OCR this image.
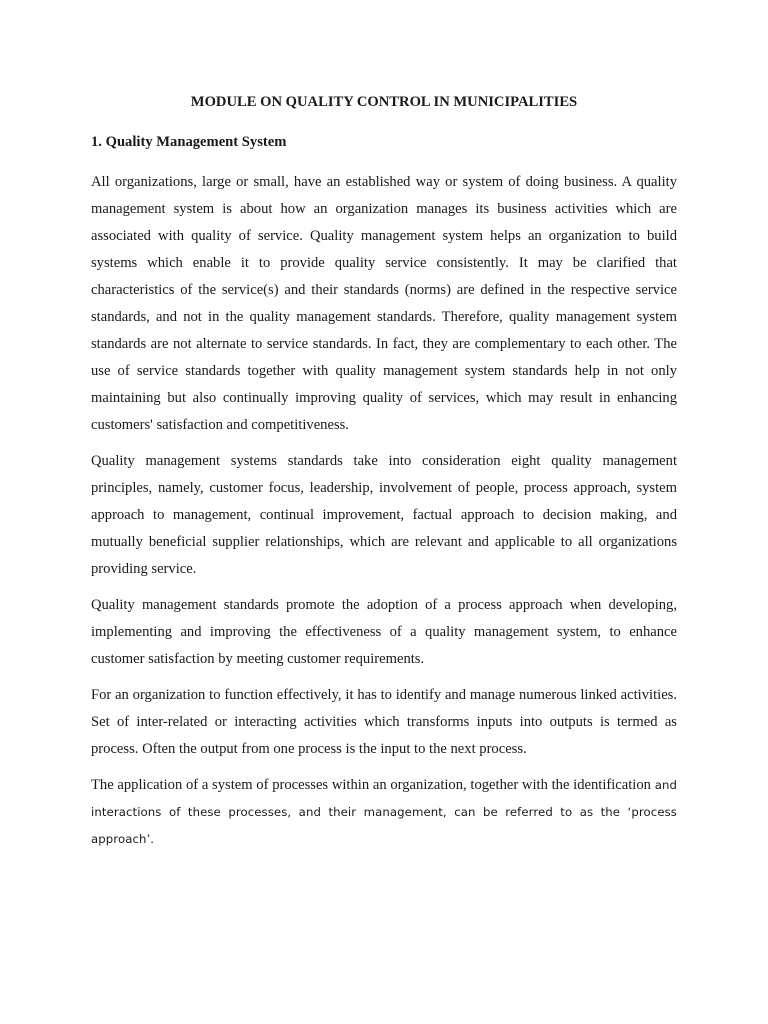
MODULE ON QUALITY CONTROL IN MUNICIPALITIES
1. Quality Management System

All organizations, large or small, have an established way or system of doing business. A quality management system is about how an organization manages its business activities which are associated with quality of service. Quality management system helps an organization to build systems which enable it to provide quality service consistently. It may be clarified that characteristics of the service(s) and their standards (norms) are defined in the respective service standards, and not in the quality management standards. Therefore, quality management system standards are not alternate to service standards. In fact, they are complementary to each other. The use of service standards together with quality management system standards help in not only maintaining but also continually improving quality of services, which may result in enhancing customers' satisfaction and competitiveness.

Quality management systems standards take into consideration eight quality management principles, namely, customer focus, leadership, involvement of people, process approach, system approach to management, continual improvement, factual approach to decision making, and mutually beneficial supplier relationships, which are relevant and applicable to all organizations providing service.

Quality management standards promote the adoption of a process approach when developing, implementing and improving the effectiveness of a quality management system, to enhance customer satisfaction by meeting customer requirements.

For an organization to function effectively, it has to identify and manage numerous linked activities. Set of inter-related or interacting activities which transforms inputs into outputs is termed as process. Often the output from one process is the input to the next process.

The application of a system of processes within an organization, together with the identification and interactions of these processes, and their management, can be referred to as the ‘process approach’.
